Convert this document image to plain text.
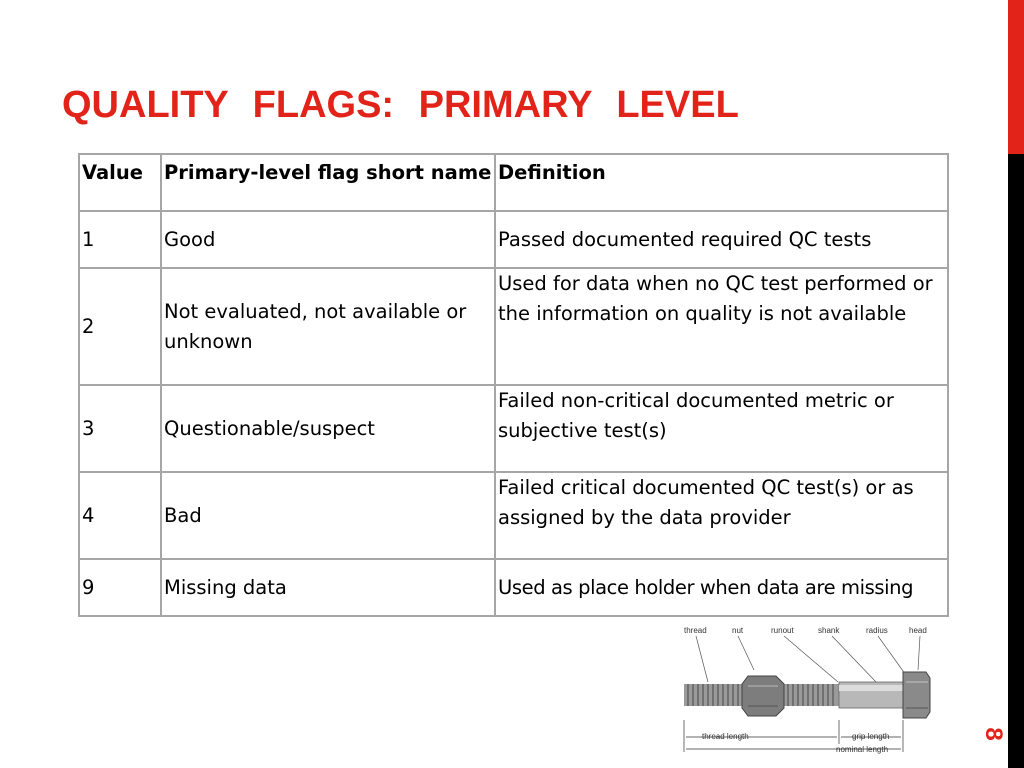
QUALITY FLAGS: PRIMARY LEVEL
Value	Primary-level flag short name	Definition
1	Good	Passed documented required QC tests
2	Not evaluated, not available or unknown	Used for data when no QC test performed or the information on quality is not available
3	Questionable/suspect	Failed non-critical documented metric or subjective test(s)
4	Bad	Failed critical documented QC test(s) or as assigned by the data provider
9	Missing data	Used as place holder when data are missing
thread	nut	runout	shank	radius	head
thread length	grip length
nominal length
8
